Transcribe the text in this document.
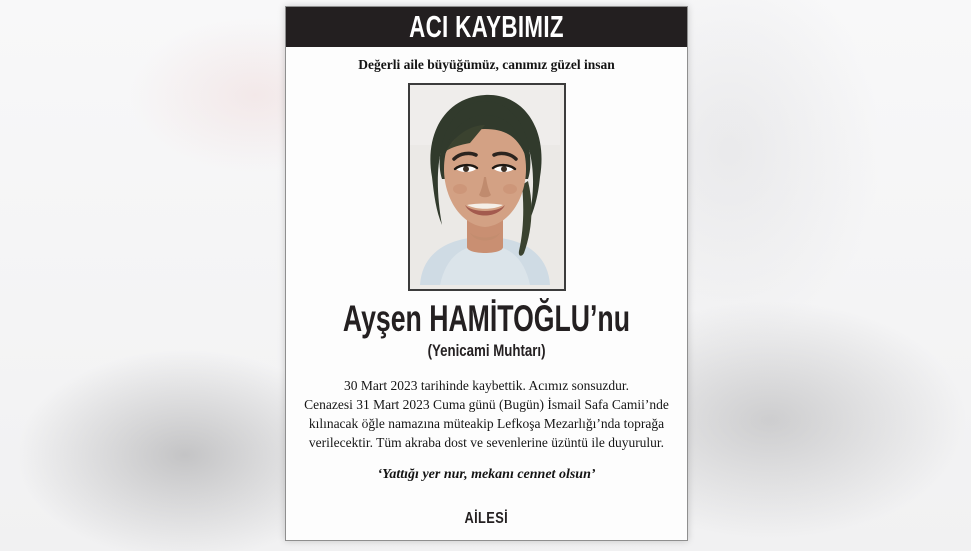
ACI KAYBIMIZ
Değerli aile büyüğümüz, canımız güzel insan
Ayşen HAMİTOĞLU’nu
(Yenicami Muhtarı)
30 Mart 2023 tarihinde kaybettik. Acımız sonsuzdur.
Cenazesi 31 Mart 2023 Cuma günü (Bugün) İsmail Safa Camii’nde
kılınacak öğle namazına müteakip Lefkoşa Mezarlığı’nda toprağa
verilecektir. Tüm akraba dost ve sevenlerine üzüntü ile duyurulur.
‘Yattığı yer nur, mekanı cennet olsun’
AİLESİ
